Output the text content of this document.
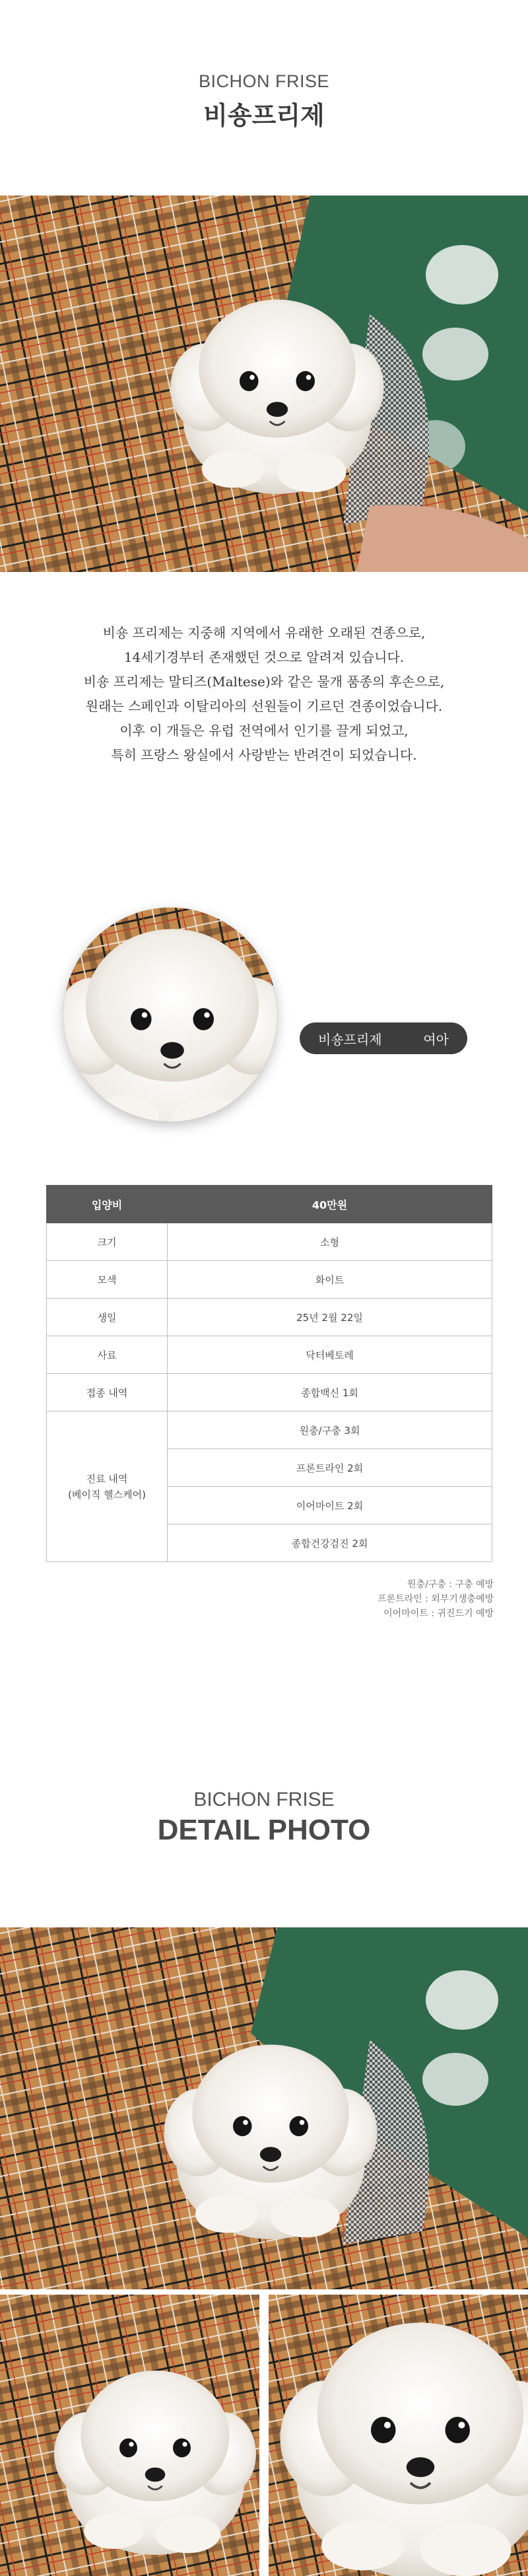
BICHON FRISE
비숑프리제
비숑 프리제는 지중해 지역에서 유래한 오래된 견종으로,
14세기경부터 존재했던 것으로 알려져 있습니다.
비숑 프리제는 말티즈(Maltese)와 같은 물개 품종의 후손으로,
원래는 스페인과 이탈리아의 선원들이 기르던 견종이었습니다.
이후 이 개들은 유럽 전역에서 인기를 끌게 되었고,
특히 프랑스 왕실에서 사랑받는 반려견이 되었습니다.
비숑프리제	여아
입양비	40만원
크기	소형
모색	화이트
생일	25년 2월 22일
사료	닥터베토레
접종 내역	종합백신 1회

진료 내역
(베이직 헬스케어)	원충/구충 3회
	프론트라인 2회
	이어마이트 2회
	종합건강검진 2회
원충/구충 : 구충 예방
프론트라인 : 외부기생충예방
이어마이트 : 귀진드기 예방
BICHON FRISE
DETAIL PHOTO
